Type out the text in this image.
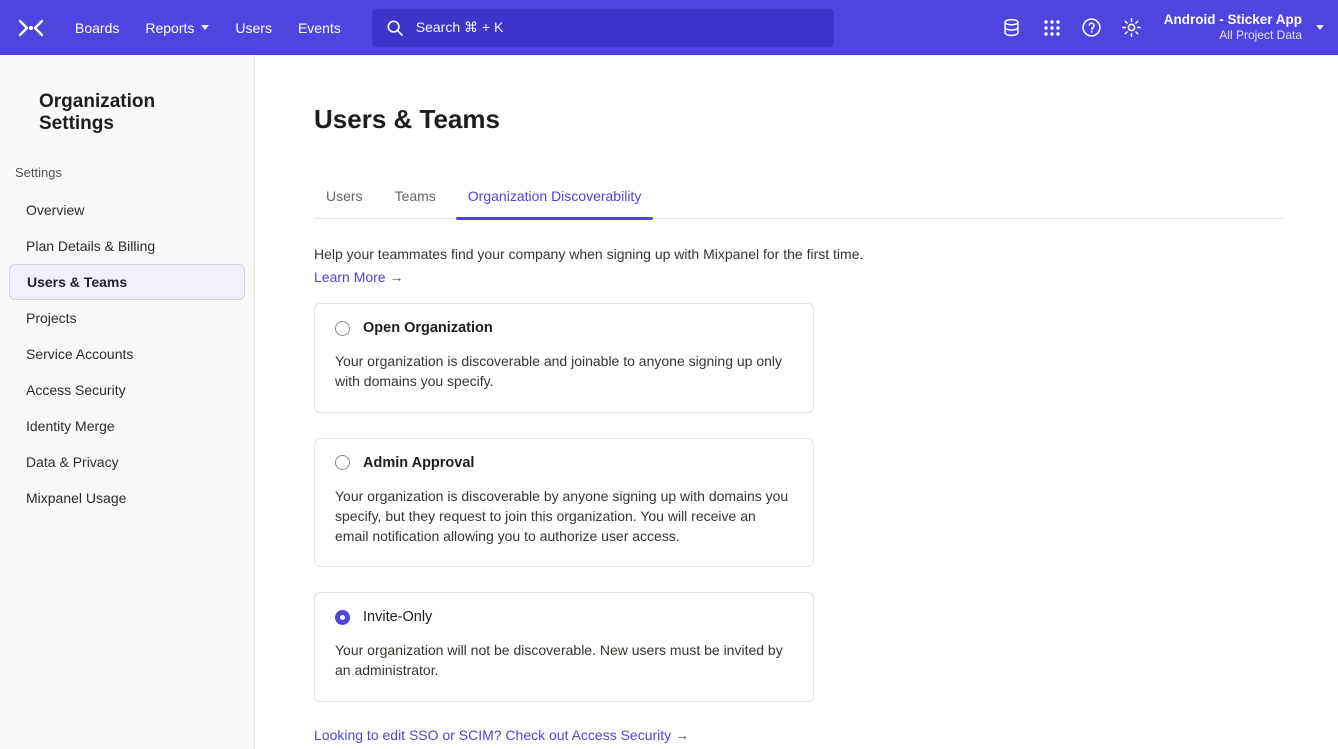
Boards Reports	Users Events	Search ⌘ + K	Android - Sticker App
All Project Data
Organization Settings
Settings
Overview
Plan Details & Billing
Users & Teams
Projects
Service Accounts
Access Security
Identity Merge
Data & Privacy
Mixpanel Usage
Users & Teams
Users	Teams	Organization Discoverability
Help your teammates find your company when signing up with Mixpanel for the first time.
Learn More →
Open Organization
Your organization is discoverable and joinable to anyone signing up only with domains you specify.
Admin Approval
Your organization is discoverable by anyone signing up with domains you specify, but they request to join this organization. You will receive an email notification allowing you to authorize user access.
Invite-Only
Your organization will not be discoverable. New users must be invited by an administrator.
Looking to edit SSO or SCIM? Check out Access Security →
